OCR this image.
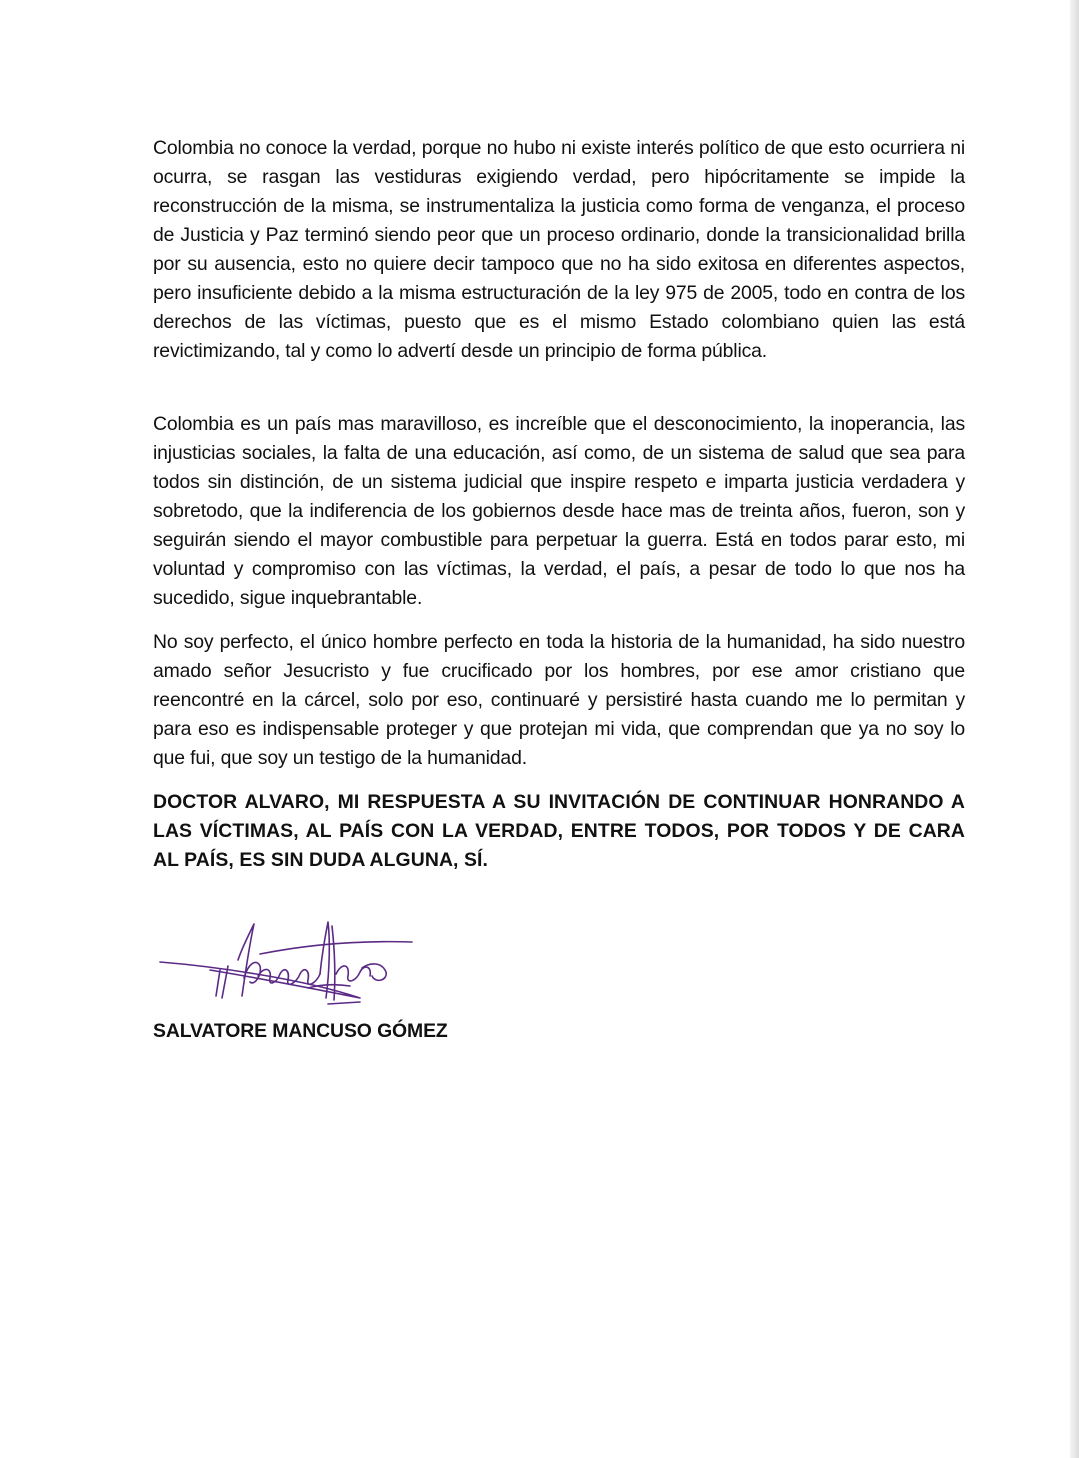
Colombia no conoce la verdad, porque no hubo ni existe interés político de que esto ocurriera ni ocurra, se rasgan las vestiduras exigiendo verdad, pero hipócritamente se impide la reconstrucción de la misma, se instrumentaliza la justicia como forma de venganza, el proceso de Justicia y Paz terminó siendo peor que un proceso ordinario, donde la transicionalidad brilla por su ausencia, esto no quiere decir tampoco que no ha sido exitosa en diferentes aspectos, pero insuficiente debido a la misma estructuración de la ley 975 de 2005, todo en contra de los derechos de las víctimas, puesto que es el mismo Estado colombiano quien las está revictimizando, tal y como lo advertí desde un principio de forma pública.

Colombia es un país mas maravilloso, es increíble que el desconocimiento, la inoperancia, las injusticias sociales, la falta de una educación, así como, de un sistema de salud que sea para todos sin distinción, de un sistema judicial que inspire respeto e imparta justicia verdadera y sobretodo, que la indiferencia de los gobiernos desde hace mas de treinta años, fueron, son y seguirán siendo el mayor combustible para perpetuar la guerra. Está en todos parar esto, mi voluntad y compromiso con las víctimas, la verdad, el país, a pesar de todo lo que nos ha sucedido, sigue inquebrantable.

No soy perfecto, el único hombre perfecto en toda la historia de la humanidad, ha sido nuestro amado señor Jesucristo y fue crucificado por los hombres, por ese amor cristiano que reencontré en la cárcel, solo por eso, continuaré y persistiré hasta cuando me lo permitan y para eso es indispensable proteger y que protejan mi vida, que comprendan que ya no soy lo que fui, que soy un testigo de la humanidad.

DOCTOR ALVARO, MI RESPUESTA A SU INVITACIÓN DE CONTINUAR HONRANDO A LAS VÍCTIMAS, AL PAÍS CON LA VERDAD, ENTRE TODOS, POR TODOS Y DE CARA AL PAÍS, ES SIN DUDA ALGUNA, SÍ.

SALVATORE MANCUSO GÓMEZ
